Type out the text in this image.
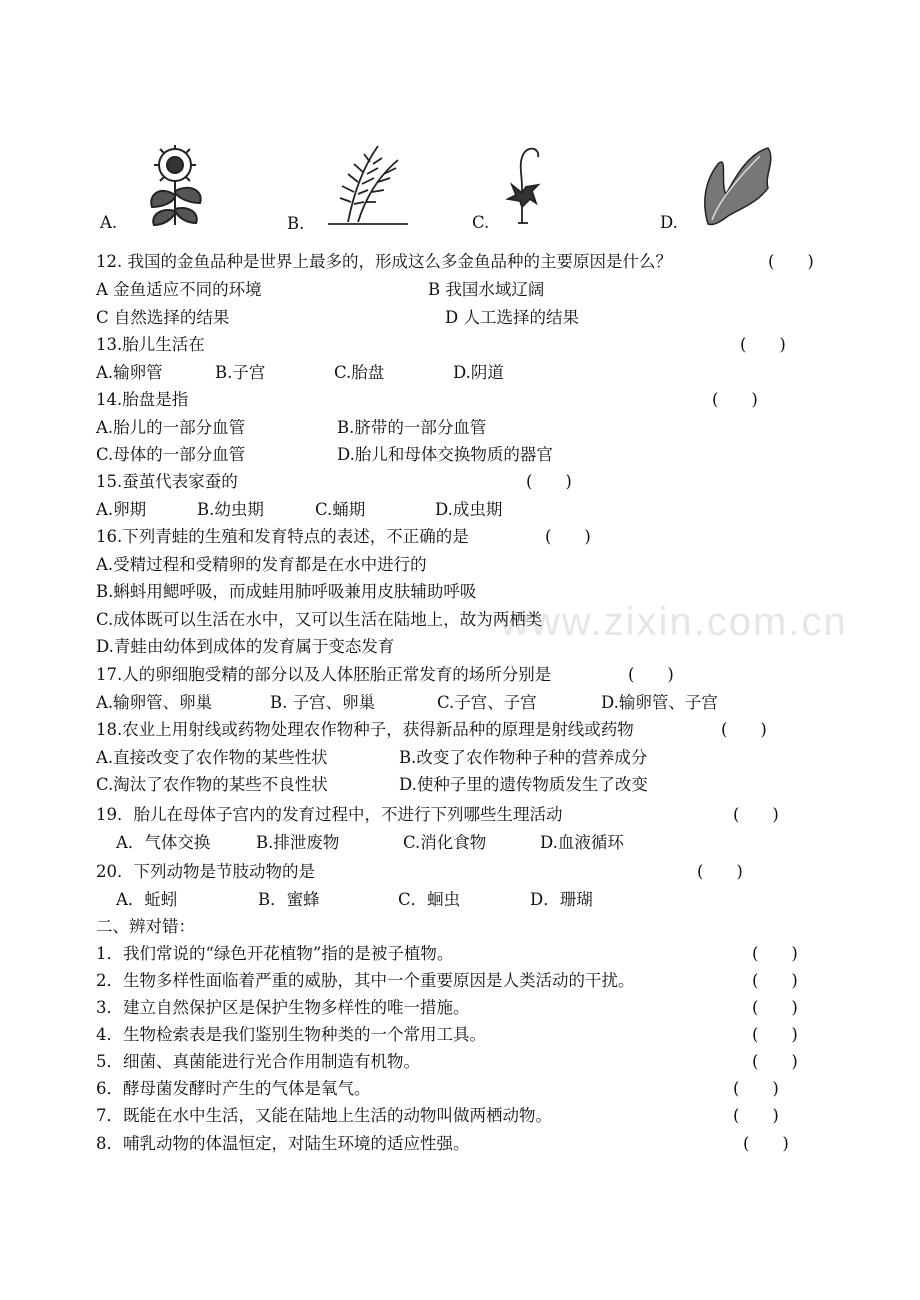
www.zixin.com.cn
A.	B.	C.	D.
12. 我国的金鱼品种是世界上最多的，形成这么多金鱼品种的主要原因是什么？	(　　)
A 金鱼适应不同的环境	B 我国水域辽阔
C 自然选择的结果	D 人工选择的结果
13.胎儿生活在	(　　)
A.输卵管	B.子宫	C.胎盘	D.阴道
14.胎盘是指	(　　)
A.胎儿的一部分血管	B.脐带的一部分血管
C.母体的一部分血管	D.胎儿和母体交换物质的器官
15.蚕茧代表家蚕的	(　　)
A.卵期	B.幼虫期	C.蛹期	D.成虫期
16.下列青蛙的生殖和发育特点的表述，不正确的是	(　　)
A.受精过程和受精卵的发育都是在水中进行的
B.蝌蚪用鳃呼吸，而成蛙用肺呼吸兼用皮肤辅助呼吸
C.成体既可以生活在水中，又可以生活在陆地上，故为两栖类
D.青蛙由幼体到成体的发育属于变态发育
17.人的卵细胞受精的部分以及人体胚胎正常发育的场所分别是	(　　)
A.输卵管、卵巢	B. 子宫、卵巢	C.子宫、子宫	D.输卵管、子宫
18.农业上用射线或药物处理农作物种子，获得新品种的原理是射线或药物	(　　)
A.直接改变了农作物的某些性状	B.改变了农作物种子种的营养成分
C.淘汰了农作物的某些不良性状	D.使种子里的遗传物质发生了改变
19．胎儿在母体子宫内的发育过程中，不进行下列哪些生理活动	(　　)
A．气体交换	B.排泄废物	C.消化食物	D.血液循环
20．下列动物是节肢动物的是	(　　)
A．蚯蚓	B．蜜蜂	C．蛔虫	D．珊瑚
二、辨对错：
1．我们常说的“绿色开花植物”指的是被子植物。	(　　)
2．生物多样性面临着严重的威胁，其中一个重要原因是人类活动的干扰。	(　　)
3．建立自然保护区是保护生物多样性的唯一措施。	(　　)
4．生物检索表是我们鉴别生物种类的一个常用工具。	(　　)
5．细菌、真菌能进行光合作用制造有机物。	(　　)
6．酵母菌发酵时产生的气体是氧气。	(　　)
7．既能在水中生活，又能在陆地上生活的动物叫做两栖动物。	(　　)
8．哺乳动物的体温恒定，对陆生环境的适应性强。	(　　)
